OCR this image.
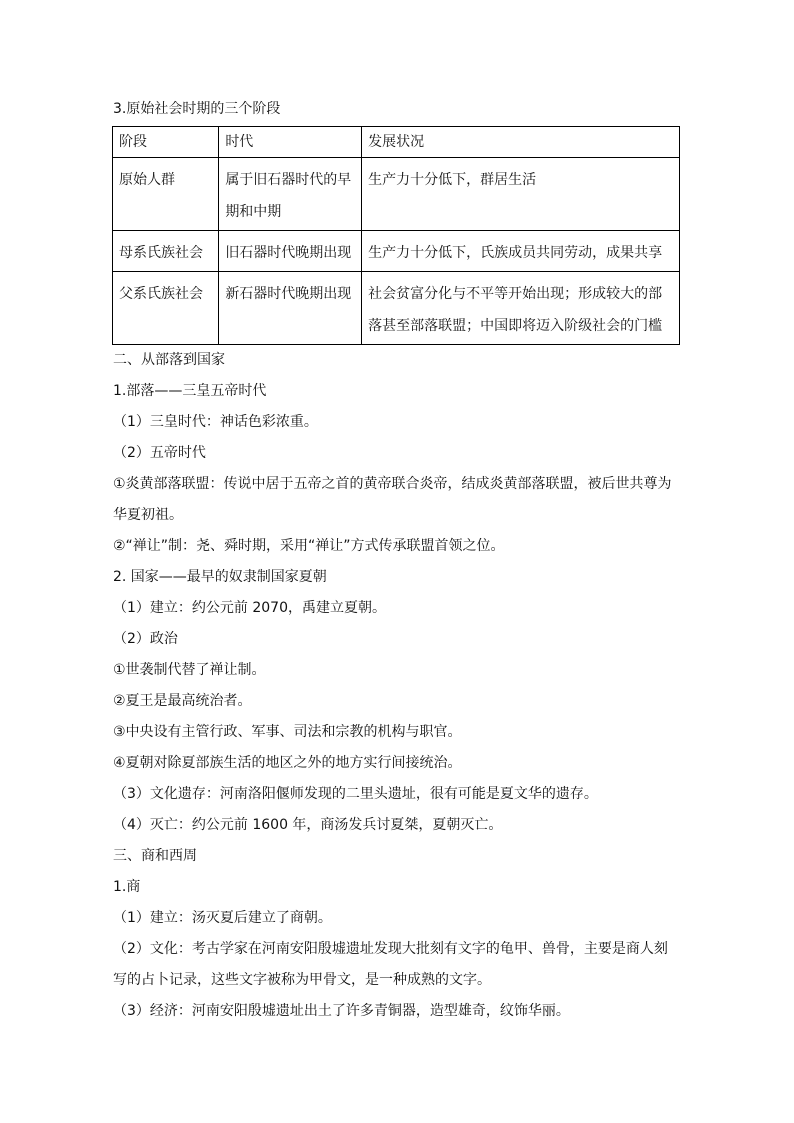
3.原始社会时期的三个阶段
阶段	时代	发展状况
原始人群	属于旧石器时代的早期和中期	生产力十分低下，群居生活
母系氏族社会	旧石器时代晚期出现	生产力十分低下，氏族成员共同劳动，成果共享
父系氏族社会	新石器时代晚期出现	社会贫富分化与不平等开始出现；形成较大的部落甚至部落联盟；中国即将迈入阶级社会的门槛
二、从部落到国家
1.部落——三皇五帝时代
（1）三皇时代：神话色彩浓重。
（2）五帝时代
①炎黄部落联盟：传说中居于五帝之首的黄帝联合炎帝，结成炎黄部落联盟，被后世共尊为华夏初祖。
②“禅让”制：尧、舜时期，采用“禅让”方式传承联盟首领之位。
2. 国家——最早的奴隶制国家夏朝
（1）建立：约公元前 2070，禹建立夏朝。
（2）政治
①世袭制代替了禅让制。
②夏王是最高统治者。
③中央设有主管行政、军事、司法和宗教的机构与职官。
④夏朝对除夏部族生活的地区之外的地方实行间接统治。
（3）文化遗存：河南洛阳偃师发现的二里头遗址，很有可能是夏文华的遗存。
（4）灭亡：约公元前 1600 年，商汤发兵讨夏桀，夏朝灭亡。
三、商和西周
1.商
（1）建立：汤灭夏后建立了商朝。
（2）文化：考古学家在河南安阳殷墟遗址发现大批刻有文字的龟甲、兽骨，主要是商人刻写的占卜记录，这些文字被称为甲骨文，是一种成熟的文字。
（3）经济：河南安阳殷墟遗址出土了许多青铜器，造型雄奇，纹饰华丽。
